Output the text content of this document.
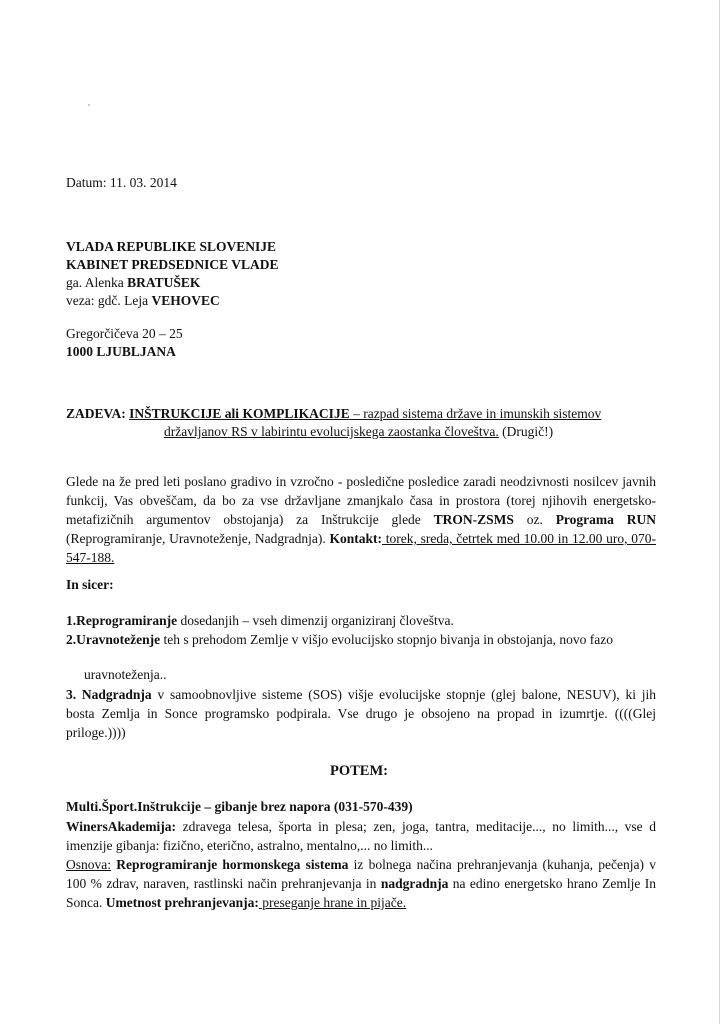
Datum: 11. 03. 2014
VLADA REPUBLIKE SLOVENIJE
KABINET PREDSEDNICE VLADE
ga. Alenka BRATUŠEK
veza: gdč. Leja VEHOVEC
Gregorčičeva 20 – 25
1000 LJUBLJANA
ZADEVA: INŠTRUKCIJE ali KOMPLIKACIJE – razpad sistema države in imunskih sistemov
državljanov RS v labirintu evolucijskega zaostanka človeštva. (Drugič!)
Glede na že pred leti poslano gradivo in vzročno - posledične posledice zaradi neodzivnosti nosilcev javnih funkcij, Vas obveščam, da bo za vse državljane zmanjkalo časa in prostora (torej njihovih energetsko-metafizičnih argumentov obstojanja) za Inštrukcije glede TRON-ZSMS oz. Programa RUN (Reprogramiranje, Uravnoteženje, Nadgradnja). Kontakt: torek, sreda, četrtek med 10.00 in 12.00 uro, 070-547-188.
In sicer:
1.Reprogramiranje dosedanjih – vseh dimenzij organiziranj človeštva.
2.Uravnoteženje teh s prehodom Zemlje v višjo evolucijsko stopnjo bivanja in obstojanja, novo fazo
uravnoteženja..
3. Nadgradnja v samoobnovljive sisteme (SOS) višje evolucijske stopnje (glej balone, NESUV), ki jih bosta Zemlja in Sonce programsko podpirala. Vse drugo je obsojeno na propad in izumrtje. ((((Glej priloge.))))
POTEM:
Multi.Šport.Inštrukcije – gibanje brez napora (031-570-439)
WinersAkademija: zdravega telesa, športa in plesa; zen, joga, tantra, meditacije..., no limith..., vse d imenzije gibanja: fizično, eterično, astralno, mentalno,... no limith...
Osnova: Reprogramiranje hormonskega sistema iz bolnega načina prehranjevanja (kuhanja, pečenja) v 100 % zdrav, naraven, rastlinski način prehranjevanja in nadgradnja na edino energetsko hrano Zemlje In Sonca. Umetnost prehranjevanja: preseganje hrane in pijače.
